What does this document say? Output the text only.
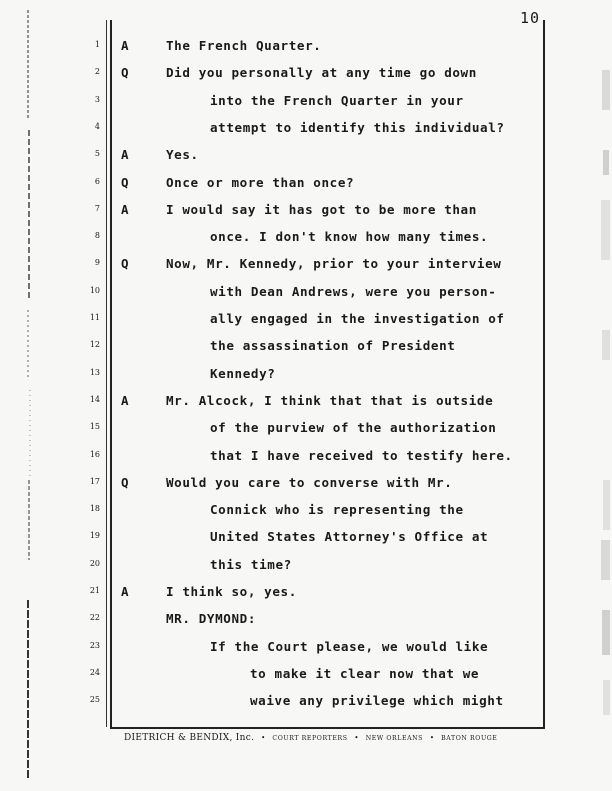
10
1 A	The French Quarter.
2 Q	Did you personally at any time go down
3	into the French Quarter in your
4	attempt to identify this individual?
5 A	Yes.
6 Q	Once or more than once?
7 A	I would say it has got to be more than
8	once. I don't know how many times.
9 Q	Now, Mr. Kennedy, prior to your interview
10	with Dean Andrews, were you person-
11	ally engaged in the investigation of
12	the assassination of President
13	Kennedy?
14 A	Mr. Alcock, I think that that is outside
15	of the purview of the authorization
16	that I have received to testify here.
17 Q	Would you care to converse with Mr.
18	Connick who is representing the
19	United States Attorney's Office at
20	this time?
21 A	I think so, yes.
22	MR. DYMOND:
23	If the Court please, we would like
24	to make it clear now that we
25	waive any privilege which might
DIETRICH & BENDIX, Inc. • COURT REPORTERS • NEW ORLEANS • BATON ROUGE
